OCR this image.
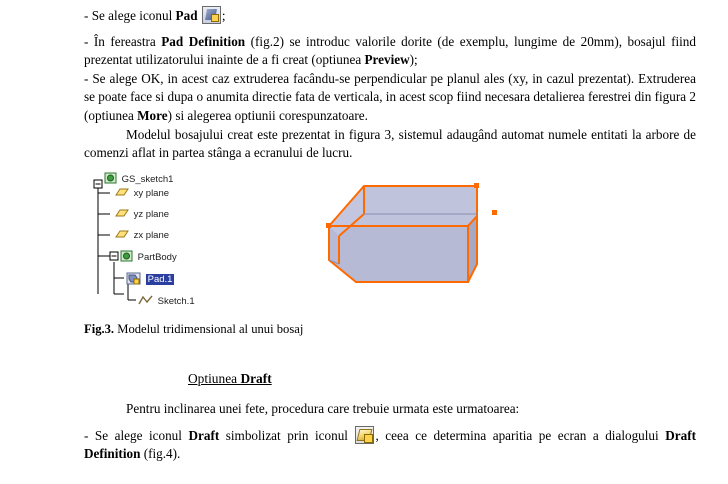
- Se alege iconul Pad ;

- În fereastra Pad Definition (fig.2) se introduc valorile dorite (de exemplu, lungime de 20mm), bosajul fiind prezentat utilizatorului inainte de a fi creat (optiunea Preview);

- Se alege OK, in acest caz extruderea facându-se perpendicular pe planul ales (xy, in cazul prezentat). Extruderea se poate face si dupa o anumita directie fata de verticala, in acest scop fiind necesara detalierea ferestrei din figura 2 (optiunea More) si alegerea optiunii corespunzatoare.

Modelul bosajului creat este prezentat in figura 3, sistemul adaugând automat numele entitati la arbore de comenzi aflat in partea stânga a ecranului de lucru.

GS_sketch1
xy plane
yz plane
zx plane
PartBody
Pad.1
Sketch.1
Fig.3. Modelul tridimensional al unui bosaj
Optiunea Draft

Pentru inclinarea unei fete, procedura care trebuie urmata este urmatoarea:

- Se alege iconul Draft simbolizat prin iconul , ceea ce determina aparitia pe ecran a dialogului Draft Definition (fig.4).
